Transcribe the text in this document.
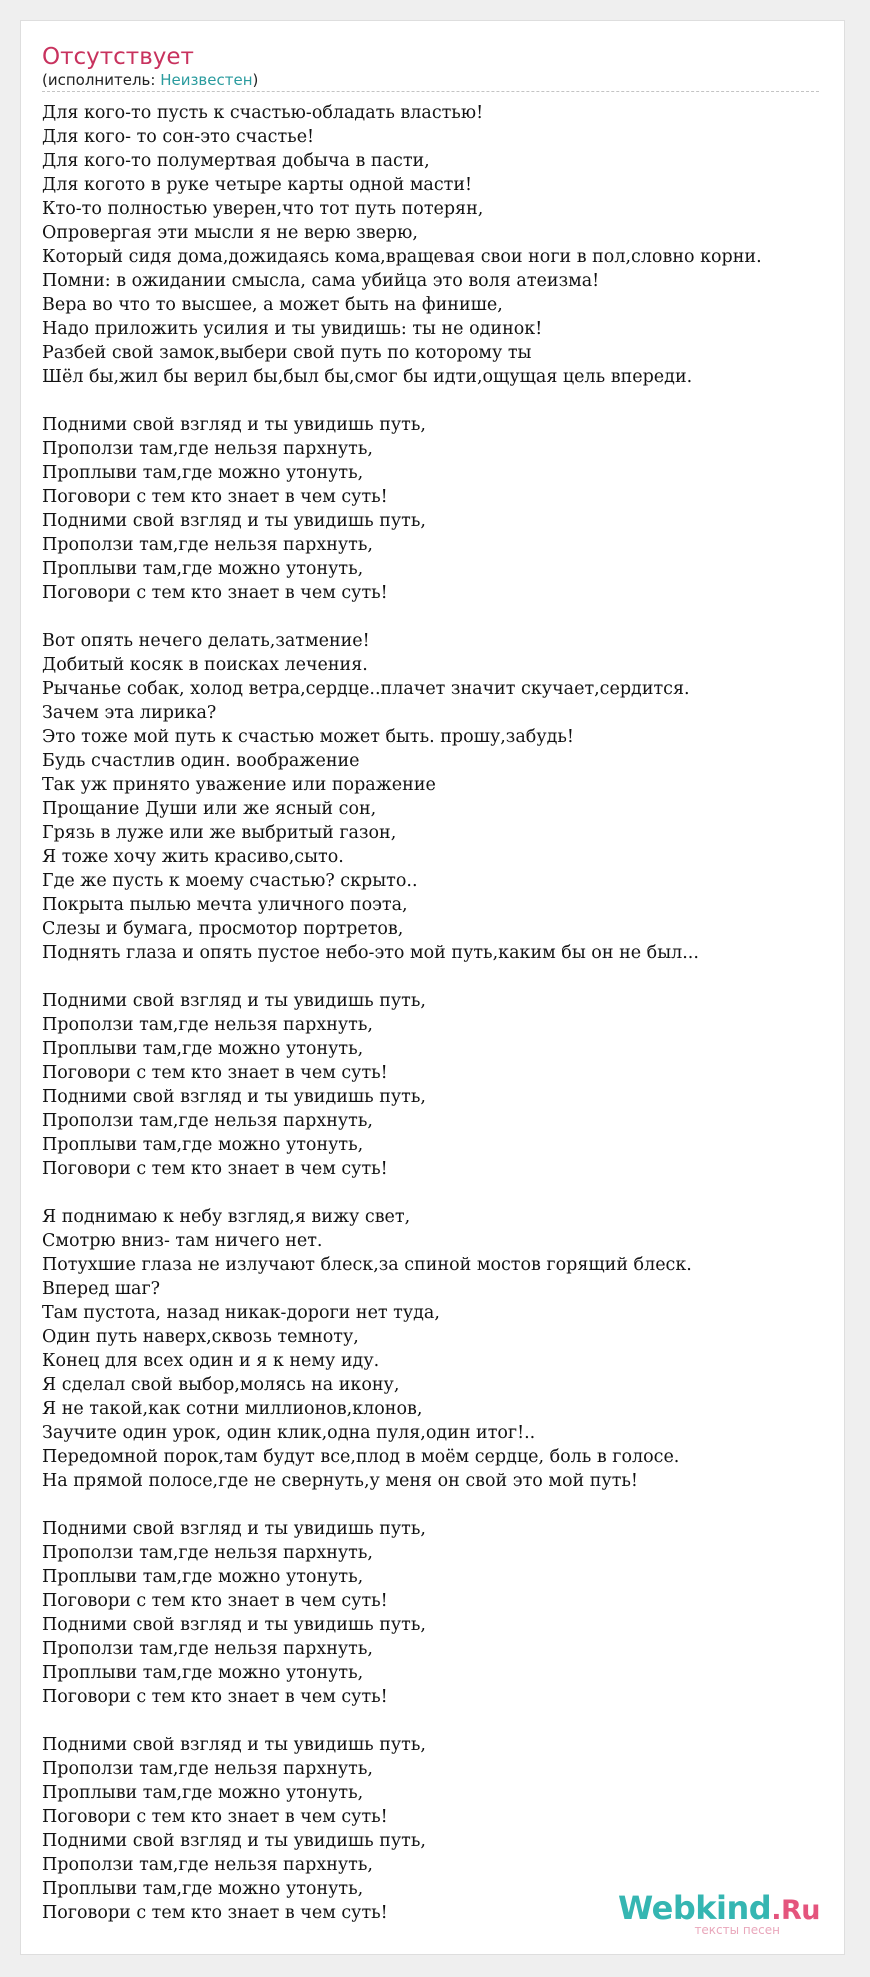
Отсутствует
(исполнитель: Неизвестен)
Для кого-то пусть к счастью-обладать властью!
Для кого- то сон-это счастье!
Для кого-то полумертвая добыча в пасти,
Для когото в руке четыре карты одной масти!
Кто-то полностью уверен,что тот путь потерян,
Опровергая эти мысли я не верю зверю,
Который сидя дома,дожидаясь кома,вращевая свои ноги в пол,словно корни.
Помни: в ожидании смысла, сама убийца это воля атеизма!
Вера во что то высшее, а может быть на финише,
Надо приложить усилия и ты увидишь: ты не одинок!
Разбей свой замок,выбери свой путь по которому ты
Шёл бы,жил бы верил бы,был бы,смог бы идти,ощущая цель впереди.
Подними свой взгляд и ты увидишь путь,
Проползи там,где нельзя пархнуть,
Проплыви там,где можно утонуть,
Поговори с тем кто знает в чем суть!
Подними свой взгляд и ты увидишь путь,
Проползи там,где нельзя пархнуть,
Проплыви там,где можно утонуть,
Поговори с тем кто знает в чем суть!
Вот опять нечего делать,затмение!
Добитый косяк в поисках лечения.
Рычанье собак, холод ветра,сердце..плачет значит скучает,сердится.
Зачем эта лирика?
Это тоже мой путь к счастью может быть. прошу,забудь!
Будь счастлив один. воображение
Так уж принято уважение или поражение
Прощание Души или же ясный сон,
Грязь в луже или же выбритый газон,
Я тоже хочу жить красиво,сыто.
Где же пусть к моему счастью? скрыто..
Покрыта пылью мечта уличного поэта,
Слезы и бумага, просмотор портретов,
Поднять глаза и опять пустое небо-это мой путь,каким бы он не был...
Подними свой взгляд и ты увидишь путь,
Проползи там,где нельзя пархнуть,
Проплыви там,где можно утонуть,
Поговори с тем кто знает в чем суть!
Подними свой взгляд и ты увидишь путь,
Проползи там,где нельзя пархнуть,
Проплыви там,где можно утонуть,
Поговори с тем кто знает в чем суть!
Я поднимаю к небу взгляд,я вижу свет,
Смотрю вниз- там ничего нет.
Потухшие глаза не излучают блеск,за спиной мостов горящий блеск.
Вперед шаг?
Там пустота, назад никак-дороги нет туда,
Один путь наверх,сквозь темноту,
Конец для всех один и я к нему иду.
Я сделал свой выбор,молясь на икону,
Я не такой,как сотни миллионов,клонов,
Заучите один урок, один клик,одна пуля,один итог!..
Передомной порок,там будут все,плод в моём сердце, боль в голосе.
На прямой полосе,где не свернуть,у меня он свой это мой путь!
Подними свой взгляд и ты увидишь путь,
Проползи там,где нельзя пархнуть,
Проплыви там,где можно утонуть,
Поговори с тем кто знает в чем суть!
Подними свой взгляд и ты увидишь путь,
Проползи там,где нельзя пархнуть,
Проплыви там,где можно утонуть,
Поговори с тем кто знает в чем суть!
Подними свой взгляд и ты увидишь путь,
Проползи там,где нельзя пархнуть,
Проплыви там,где можно утонуть,
Поговори с тем кто знает в чем суть!
Подними свой взгляд и ты увидишь путь,
Проползи там,где нельзя пархнуть,
Проплыви там,где можно утонуть,
Поговори с тем кто знает в чем суть!	Webkind.Ru
тексты песен
